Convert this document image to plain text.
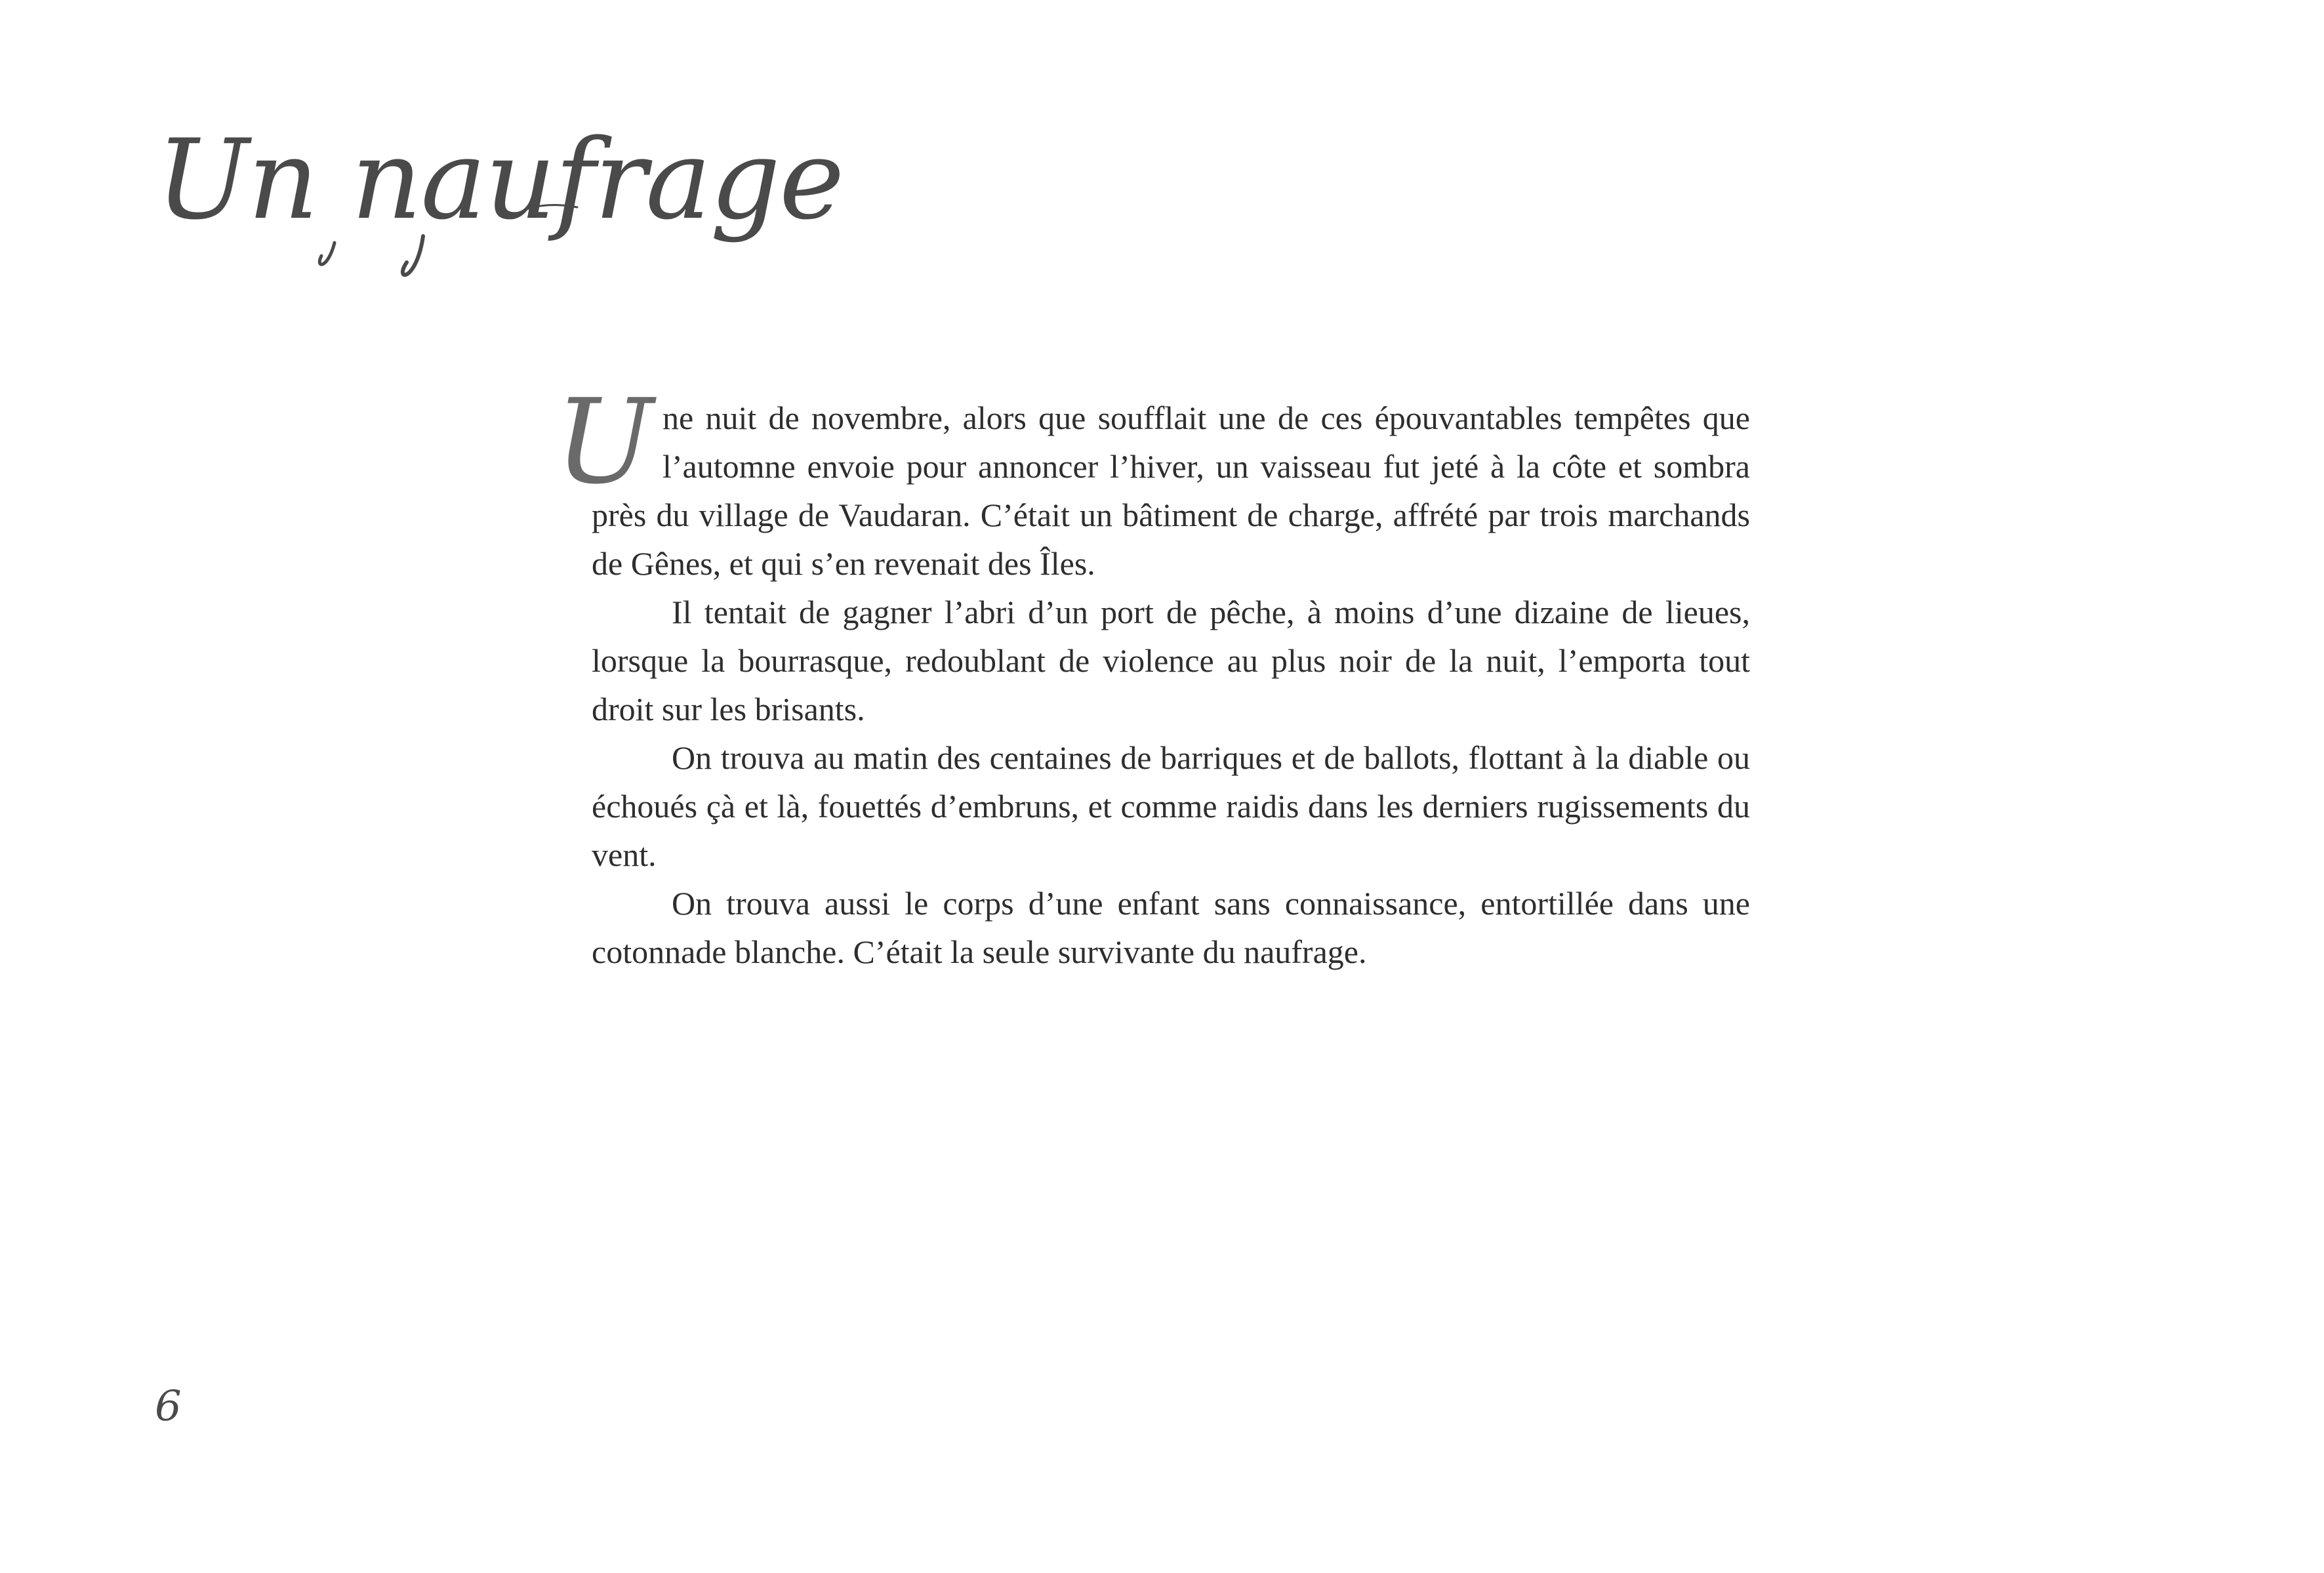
Un naufrage

Une nuit de novembre, alors que soufflait une de ces épouvantables tempêtes que l’automne envoie pour annoncer l’hiver, un vaisseau fut jeté à la côte et sombra près du village de Vaudaran. C’était un bâtiment de charge, affrété par trois marchands de Gênes, et qui s’en revenait des Îles.

Il tentait de gagner l’abri d’un port de pêche, à moins d’une dizaine de lieues, lorsque la bourrasque, redoublant de violence au plus noir de la nuit, l’emporta tout droit sur les brisants.

On trouva au matin des centaines de barriques et de ballots, flottant à la diable ou échoués çà et là, fouettés d’embruns, et comme raidis dans les derniers rugissements du vent.

On trouva aussi le corps d’une enfant sans connaissance, entortillée dans une cotonnade blanche. C’était la seule survivante du naufrage.

6
